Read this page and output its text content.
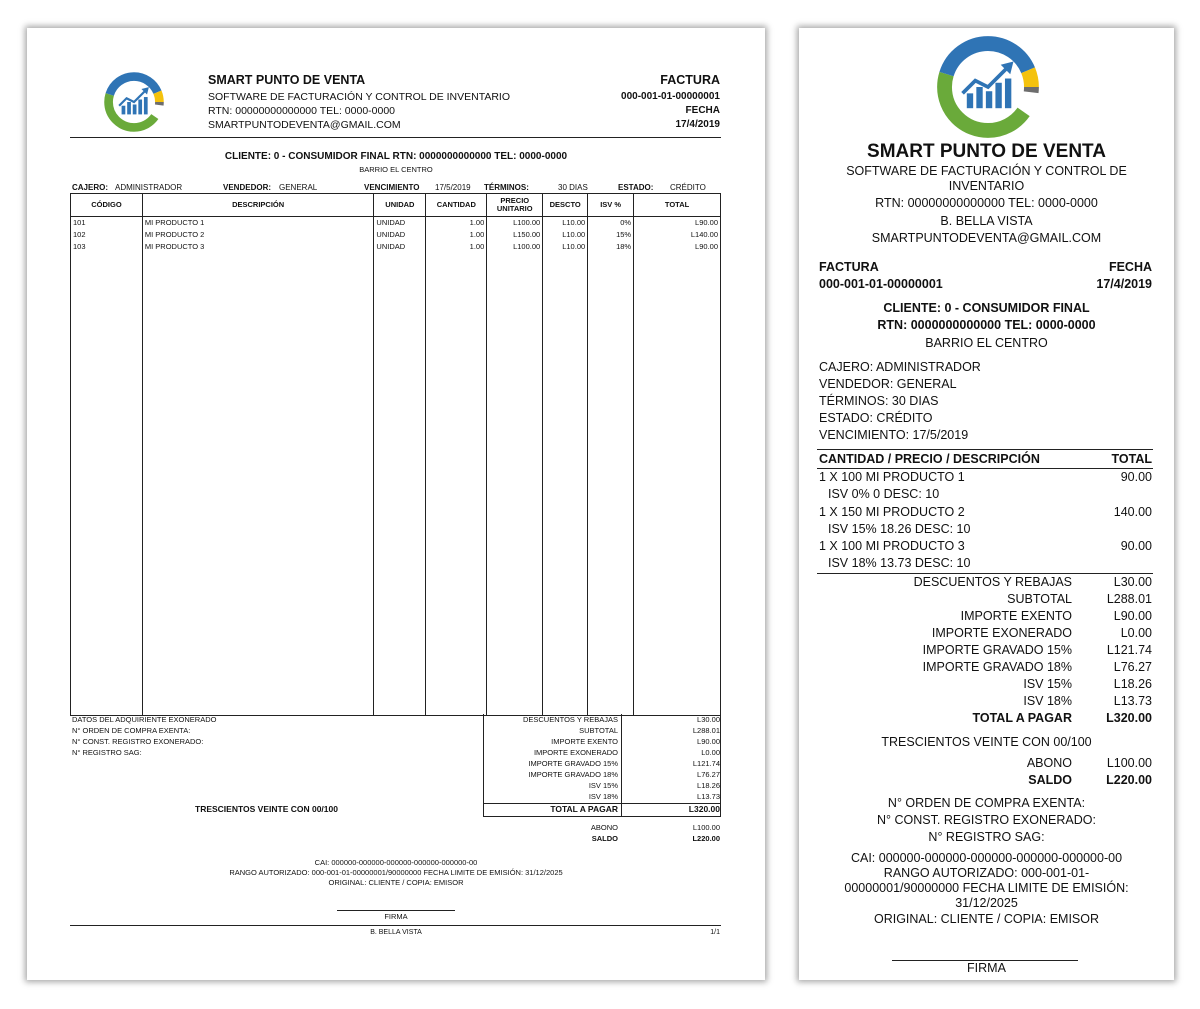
SMART PUNTO DE VENTA
SOFTWARE DE FACTURACIÓN Y CONTROL DE INVENTARIO
RTN: 00000000000000 TEL: 0000-0000
SMARTPUNTODEVENTA@GMAIL.COM
FACTURA
000-001-01-00000001
FECHA
17/4/2019
CLIENTE: 0 - CONSUMIDOR FINAL RTN: 0000000000000 TEL: 0000-0000
BARRIO EL CENTRO
CAJERO: ADMINISTRADOR	VENDEDOR: GENERAL	VENCIMIENTO 17/5/2019 TÉRMINOS:	30 DIAS	ESTADO: CRÉDITO
CÓDIGO	DESCRIPCIÓN	UNIDAD	CANTIDAD	PRECIO
UNITARIO	DESCTO	ISV %	TOTAL
101	MI PRODUCTO 1	UNIDAD	1.00	L100.00	L10.00	0%	L90.00
102	MI PRODUCTO 2	UNIDAD	1.00	L150.00	L10.00	15%	L140.00
103	MI PRODUCTO 3	UNIDAD	1.00	L100.00	L10.00	18%	L90.00

DATOS DEL ADQUIRIENTE EXONERADO
N° ORDEN DE COMPRA EXENTA:
N° CONST. REGISTRO EXONERADO:
N° REGISTRO SAG:
DESCUENTOS Y REBAJAS	L30.00
SUBTOTAL	L288.01
IMPORTE EXENTO	L90.00
IMPORTE EXONERADO	L0.00
IMPORTE GRAVADO 15%	L121.74
IMPORTE GRAVADO 18%	L76.27
ISV 15%	L18.26
ISV 18%	L13.73
TOTAL A PAGAR	L320.00
TRESCIENTOS VEINTE CON 00/100
ABONO	L100.00
SALDO	L220.00
CAI: 000000-000000-000000-000000-000000-00
RANGO AUTORIZADO: 000-001-01-00000001/90000000 FECHA LIMITE DE EMISIÓN: 31/12/2025
ORIGINAL: CLIENTE / COPIA: EMISOR
FIRMA
B. BELLA VISTA	1/1
SMART PUNTO DE VENTA
SOFTWARE DE FACTURACIÓN Y CONTROL DE
INVENTARIO
RTN: 00000000000000 TEL: 0000-0000
B. BELLA VISTA
SMARTPUNTODEVENTA@GMAIL.COM
FACTURA	FECHA
000-001-01-00000001	17/4/2019
CLIENTE: 0 - CONSUMIDOR FINAL
RTN: 0000000000000 TEL: 0000-0000
BARRIO EL CENTRO
CAJERO: ADMINISTRADOR
VENDEDOR: GENERAL
TÉRMINOS: 30 DIAS
ESTADO: CRÉDITO
VENCIMIENTO: 17/5/2019
CANTIDAD / PRECIO / DESCRIPCIÓN	TOTAL
1 X 100 MI PRODUCTO 1	90.00
ISV 0% 0 DESC: 10
1 X 150 MI PRODUCTO 2	140.00
ISV 15% 18.26 DESC: 10
1 X 100 MI PRODUCTO 3	90.00
ISV 18% 13.73 DESC: 10
DESCUENTOS Y REBAJAS	L30.00
SUBTOTAL	L288.01
IMPORTE EXENTO	L90.00
IMPORTE EXONERADO	L0.00
IMPORTE GRAVADO 15%	L121.74
IMPORTE GRAVADO 18%	L76.27
ISV 15%	L18.26
ISV 18%	L13.73
TOTAL A PAGAR	L320.00
TRESCIENTOS VEINTE CON 00/100
ABONO	L100.00
SALDO	L220.00
N° ORDEN DE COMPRA EXENTA:
N° CONST. REGISTRO EXONERADO:
N° REGISTRO SAG:
CAI: 000000-000000-000000-000000-000000-00
RANGO AUTORIZADO: 000-001-01-
00000001/90000000 FECHA LIMITE DE EMISIÓN:
31/12/2025
ORIGINAL: CLIENTE / COPIA: EMISOR
FIRMA
